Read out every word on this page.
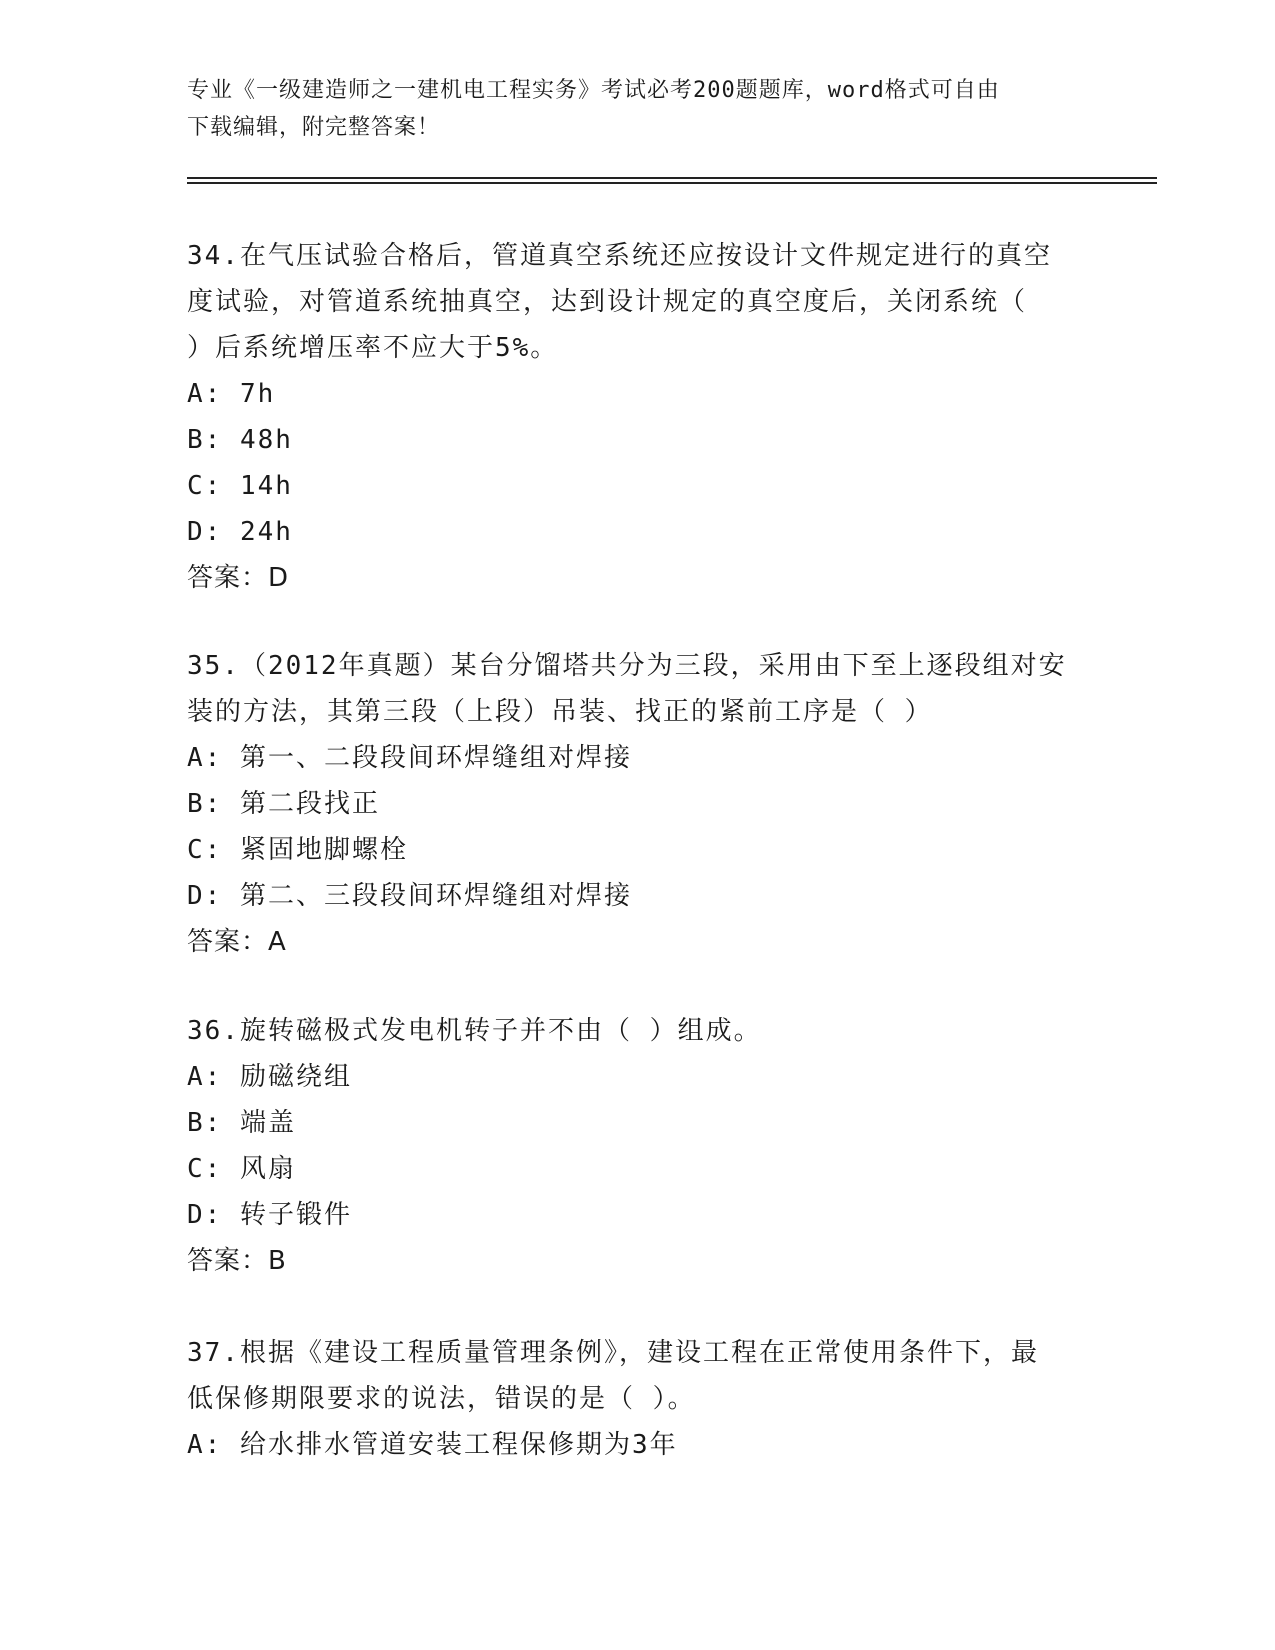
专业《一级建造师之一建机电工程实务》考试必考200题题库，word格式可自由
下载编辑，附完整答案！
34.在气压试验合格后，管道真空系统还应按设计文件规定进行的真空
度试验，对管道系统抽真空，达到设计规定的真空度后，关闭系统（
）后系统增压率不应大于5%。
A: 7h
B: 48h
C: 14h
D: 24h
答案：D
35.（2012年真题）某台分馏塔共分为三段，采用由下至上逐段组对安
装的方法，其第三段（上段）吊装、找正的紧前工序是（ ）
A: 第一、二段段间环焊缝组对焊接
B: 第二段找正
C: 紧固地脚螺栓
D: 第二、三段段间环焊缝组对焊接
答案：A
36.旋转磁极式发电机转子并不由（ ）组成。
A: 励磁绕组
B: 端盖
C: 风扇
D: 转子锻件
答案：B
37.根据《建设工程质量管理条例》，建设工程在正常使用条件下，最
低保修期限要求的说法，错误的是（ ）。
A: 给水排水管道安装工程保修期为3年
